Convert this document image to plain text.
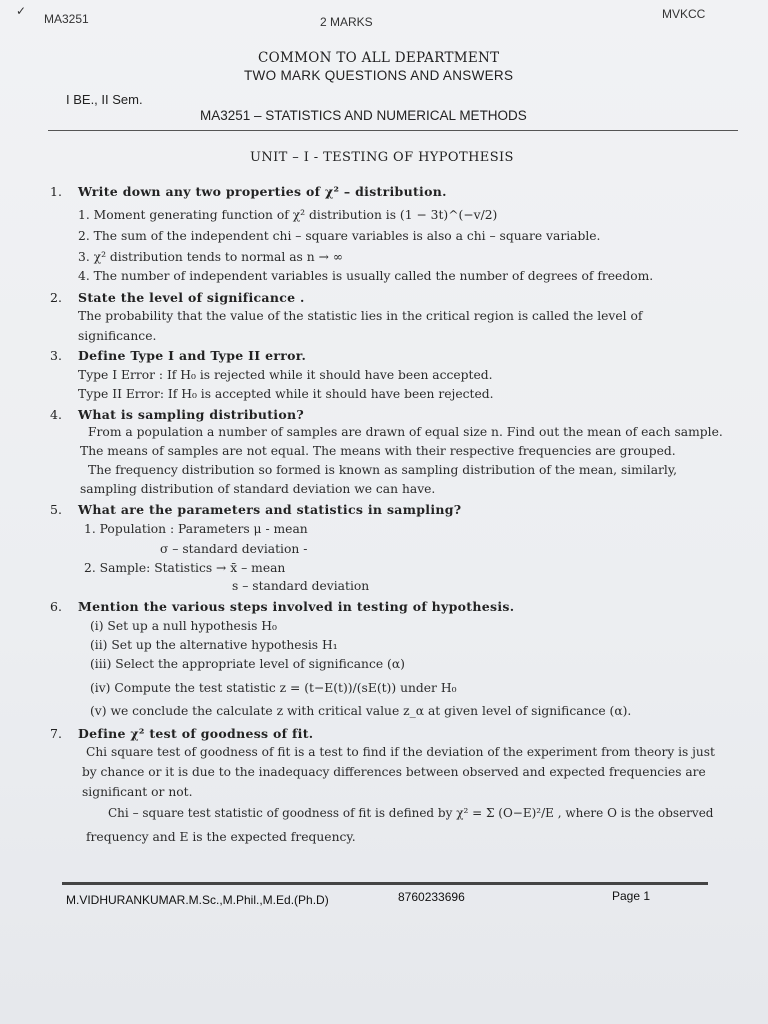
✓
MA3251	2 MARKS
MVKCC
COMMON TO ALL DEPARTMENT
TWO MARK QUESTIONS AND ANSWERS
I BE., II Sem.
MA3251 – STATISTICS AND NUMERICAL METHODS
UNIT – I - TESTING OF HYPOTHESIS
1. Write down any two properties of χ² – distribution.
1. Moment generating function of χ² distribution is (1 − 3t)^(−v/2)
2. The sum of the independent chi – square variables is also a chi – square variable.
3. χ² distribution tends to normal as n → ∞
4. The number of independent variables is usually called the number of degrees of freedom.
2. State the level of significance .
The probability that the value of the statistic lies in the critical region is called the level of
significance.
3. Define Type I and Type II error.
Type I Error : If H₀ is rejected while it should have been accepted.
Type II Error: If H₀ is accepted while it should have been rejected.
4. What is sampling distribution?
From a population a number of samples are drawn of equal size n. Find out the mean of each sample.
The means of samples are not equal. The means with their respective frequencies are grouped.
The frequency distribution so formed is known as sampling distribution of the mean, similarly,
sampling distribution of standard deviation we can have.
5. What are the parameters and statistics in sampling?
1. Population : Parameters μ - mean
σ – standard deviation -
2. Sample: Statistics → x̄ – mean
s – standard deviation
6. Mention the various steps involved in testing of hypothesis.
(i) Set up a null hypothesis H₀
(ii) Set up the alternative hypothesis H₁
(iii) Select the appropriate level of significance (α)
(iv) Compute the test statistic z = (t−E(t))/(sE(t)) under H₀
(v) we conclude the calculate z with critical value z_α at given level of significance (α).
7. Define χ² test of goodness of fit.
Chi square test of goodness of fit is a test to find if the deviation of the experiment from theory is just
by chance or it is due to the inadequacy differences between observed and expected frequencies are
significant or not.
Chi – square test statistic of goodness of fit is defined by χ² = Σ (O−E)²/E , where O is the observed
frequency and E is the expected frequency.
M.VIDHURANKUMAR.M.Sc.,M.Phil.,M.Ed.(Ph.D)	8760233696	Page 1
